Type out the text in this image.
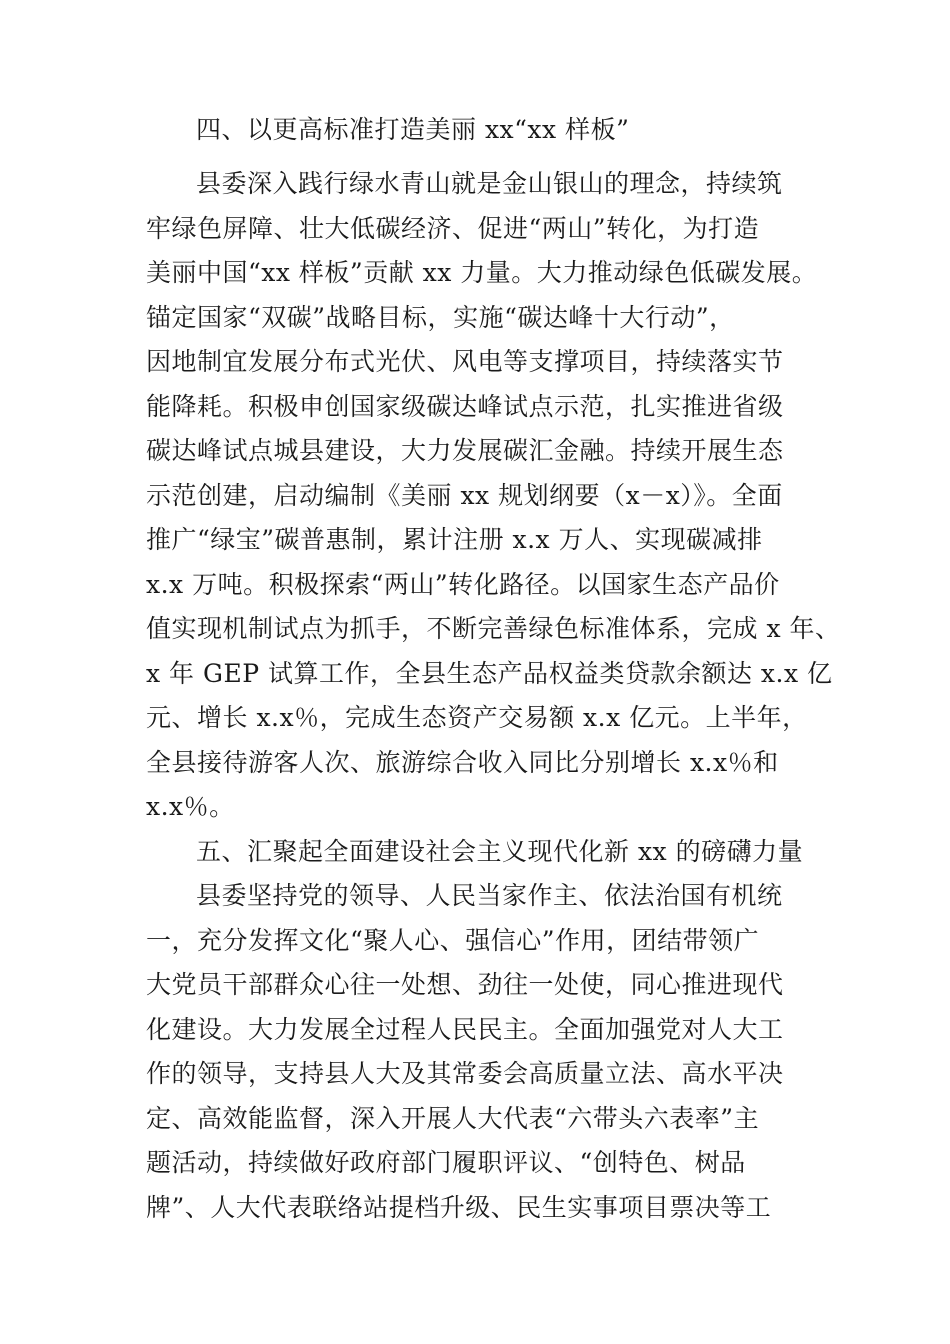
四、以更高标准打造美丽 xx“xx 样板”
县委深入践行绿水青山就是金山银山的理念，持续筑
牢绿色屏障、壮大低碳经济、促进“两山”转化，为打造
美丽中国“xx 样板”贡献 xx 力量。大力推动绿色低碳发展。
锚定国家“双碳”战略目标，实施“碳达峰十大行动”，
因地制宜发展分布式光伏、风电等支撑项目，持续落实节
能降耗。积极申创国家级碳达峰试点示范，扎实推进省级
碳达峰试点城县建设，大力发展碳汇金融。持续开展生态
示范创建，启动编制《美丽 xx 规划纲要（x－x）》。全面
推广“绿宝”碳普惠制，累计注册 x.x 万人、实现碳减排
x.x 万吨。积极探索“两山”转化路径。以国家生态产品价
值实现机制试点为抓手，不断完善绿色标准体系，完成 x 年、
x 年 GEP 试算工作，全县生态产品权益类贷款余额达 x.x 亿
元、增长 x.x％，完成生态资产交易额 x.x 亿元。上半年，
全县接待游客人次、旅游综合收入同比分别增长 x.x％和
x.x％。
五、汇聚起全面建设社会主义现代化新 xx 的磅礴力量
县委坚持党的领导、人民当家作主、依法治国有机统
一，充分发挥文化“聚人心、强信心”作用，团结带领广
大党员干部群众心往一处想、劲往一处使，同心推进现代
化建设。大力发展全过程人民民主。全面加强党对人大工
作的领导，支持县人大及其常委会高质量立法、高水平决
定、高效能监督，深入开展人大代表“六带头六表率”主
题活动，持续做好政府部门履职评议、“创特色、树品
牌”、人大代表联络站提档升级、民生实事项目票决等工
